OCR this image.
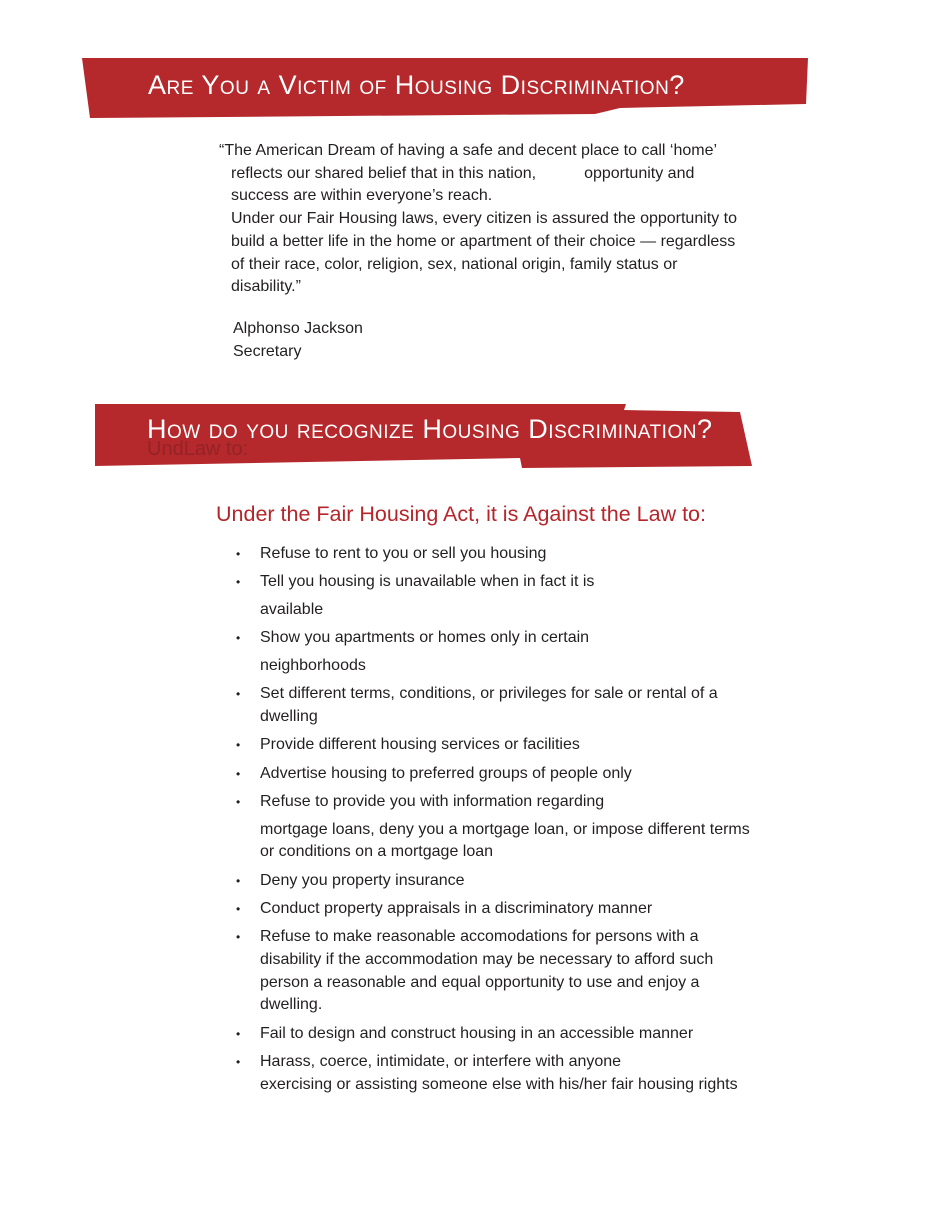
Are You a Victim of Housing Discrimination?

“The American Dream of having a safe and decent place to call ‘home’

reflects our shared belief that in this nation,	opportunity and

success are within everyone’s reach.

Under our Fair Housing laws, every citizen is assured the opportunity to build a better life in the home or apartment of their choice — regardless of their race, color, religion, sex, national origin, family status or disability.”

Alphonso Jackson
Secretary
How do you recognize Housing Discrimination?
UndLaw to:
Under the Fair Housing Act, it is Against the Law to:
• Refuse to rent to you or sell you housing
• Tell you housing is unavailable when in fact it is
available
• Show you apartments or homes only in certain
neighborhoods
• Set different terms, conditions, or privileges for sale or rental of a dwelling
• Provide different housing services or facilities
• Advertise housing to preferred groups of people only
• Refuse to provide you with information regarding
mortgage loans, deny you a mortgage loan, or impose different terms or conditions on a mortgage loan
• Deny you property insurance
• Conduct property appraisals in a discriminatory manner
• Refuse to make reasonable accomodations for persons with a disability if the accommodation may be necessary to afford such person a reasonable and equal opportunity to use and enjoy a dwelling.
• Fail to design and construct housing in an accessible manner
• Harass, coerce, intimidate, or interfere with anyone
exercising or assisting someone else with his/her fair housing rights
